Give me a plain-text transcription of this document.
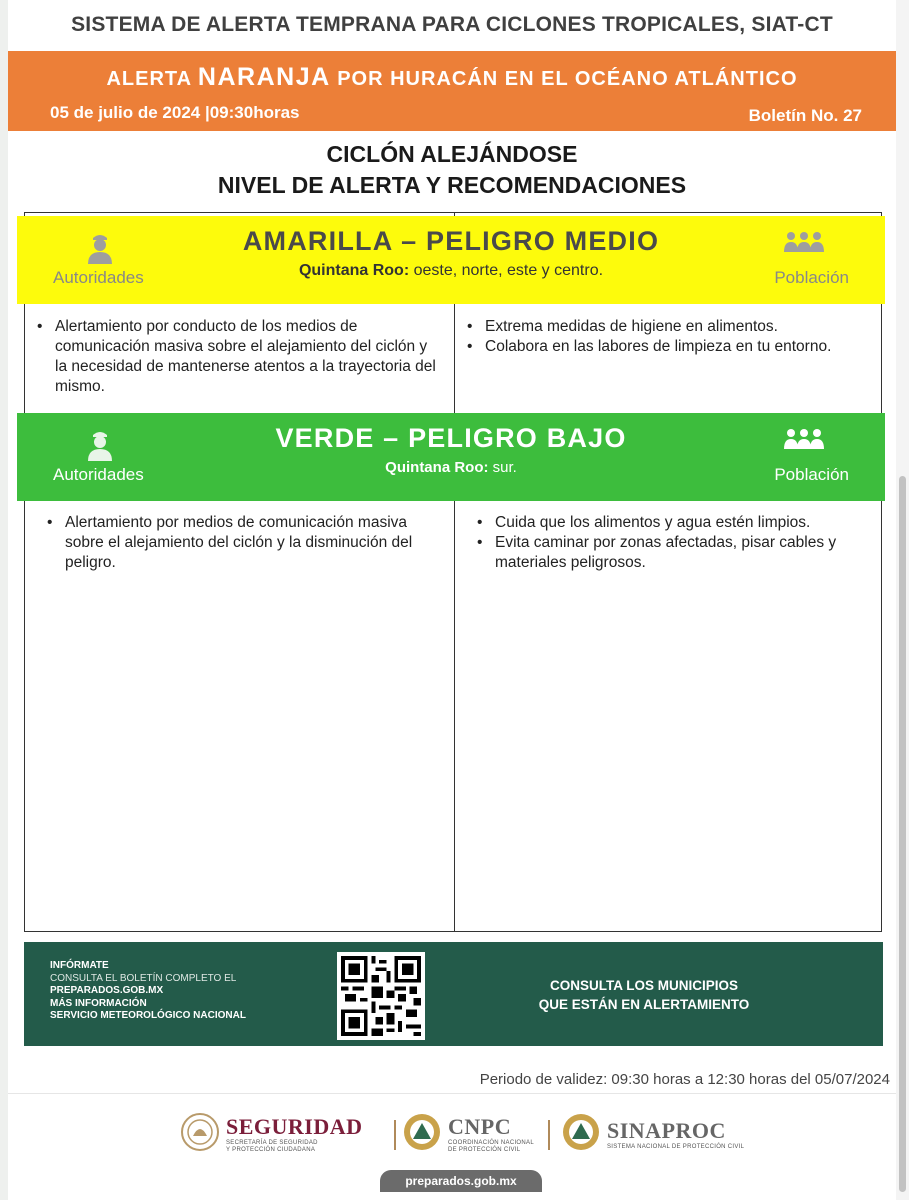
SISTEMA DE ALERTA TEMPRANA PARA CICLONES TROPICALES, SIAT-CT
ALERTA NARANJA POR HURACÁN EN EL OCÉANO ATLÁNTICO
05 de julio de 2024 |09:30horas	Boletín No. 27
CICLÓN ALEJÁNDOSE
NIVEL DE ALERTA Y RECOMENDACIONES
AMARILLA – PELIGRO MEDIO
Quintana Roo: oeste, norte, este y centro.
Autoridades	Población
• Alertamiento por conducto de los medios de comunicación masiva sobre el alejamiento del ciclón y la necesidad de mantenerse atentos a la trayectoria del mismo.
• Extrema medidas de higiene en alimentos.
• Colabora en las labores de limpieza en tu entorno.
VERDE – PELIGRO BAJO
Quintana Roo: sur.
Autoridades	Población
• Alertamiento por medios de comunicación masiva sobre el alejamiento del ciclón y la disminución del peligro.
• Cuida que los alimentos y agua estén limpios.
• Evita caminar por zonas afectadas, pisar cables y materiales peligrosos.
INFÓRMATE
CONSULTA EL BOLETÍN COMPLETO EL
PREPARADOS.GOB.MX
MÁS INFORMACIÓN
SERVICIO METEOROLÓGICO NACIONAL
CONSULTA LOS MUNICIPIOS
QUE ESTÁN EN ALERTAMIENTO
Periodo de validez: 09:30 horas a 12:30 horas del 05/07/2024
SEGURIDAD
SECRETARÍA DE SEGURIDAD
Y PROTECCIÓN CIUDADANA
CNPC
COORDINACIÓN NACIONAL
DE PROTECCIÓN CIVIL
SINAPROC
SISTEMA NACIONAL DE PROTECCIÓN CIVIL
preparados.gob.mx
